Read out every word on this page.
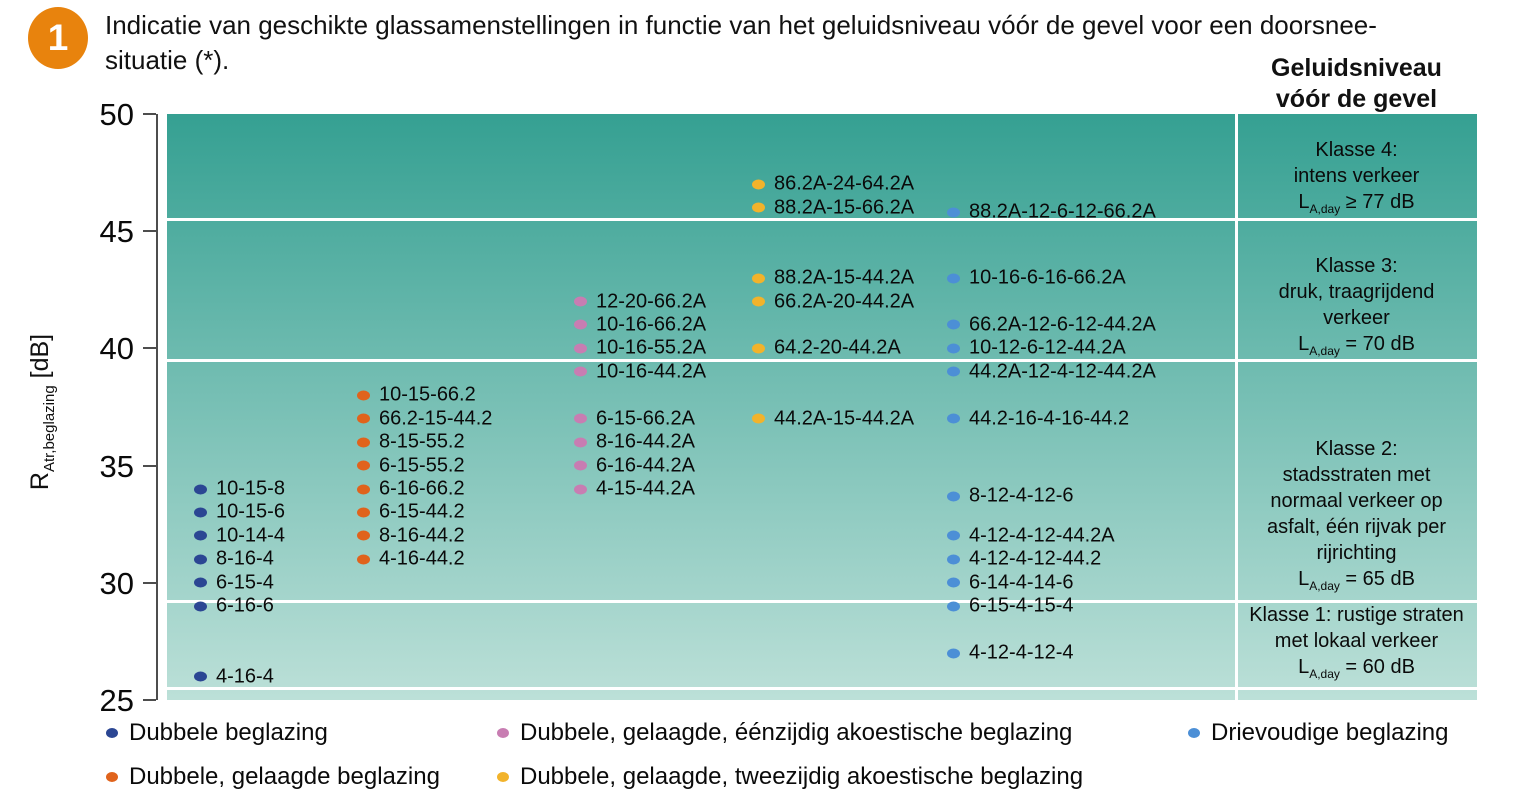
1	Indicatie van geschikte glassamenstellingen in functie van het geluidsniveau vóór de gevel voor een doorsnee-
situatie (*).	Geluidsniveau
vóór de gevel
$R_{Atr,beglazing}$ [dB]
50
45
40
35
30
25
Klasse 4:
intens verkeer
$L_{A,day} \ge 77$ dB
Klasse 3:
druk, traagrijdend
verkeer
$L_{A,day} = 70$ dB
Klasse 2:
stadsstraten met
normaal verkeer op
asfalt, één rijvak per
rijrichting
$L_{A,day} = 65$ dB
Klasse 1: rustige straten
met lokaal verkeer
$L_{A,day} = 60$ dB
10-15-8
10-15-6
10-14-4
8-16-4
6-15-4
6-16-6
4-16-4
10-15-66.2
66.2-15-44.2
8-15-55.2
6-15-55.2
6-16-66.2
6-15-44.2
8-16-44.2
4-16-44.2
12-20-66.2A
10-16-66.2A
10-16-55.2A
10-16-44.2A
6-15-66.2A
8-16-44.2A
6-16-44.2A
4-15-44.2A
86.2A-24-64.2A
88.2A-15-66.2A
88.2A-15-44.2A
66.2A-20-44.2A
64.2-20-44.2A
44.2A-15-44.2A
88.2A-12-6-12-66.2A
10-16-6-16-66.2A
66.2A-12-6-12-44.2A
10-12-6-12-44.2A
44.2A-12-4-12-44.2A
44.2-16-4-16-44.2
8-12-4-12-6
4-12-4-12-44.2A
4-12-4-12-44.2
6-14-4-14-6
6-15-4-15-4
4-12-4-12-4
Dubbele beglazing	Dubbele, gelaagde, éénzijdig akoestische beglazing	Drievoudige beglazing
Dubbele, gelaagde beglazing	Dubbele, gelaagde, tweezijdig akoestische beglazing
